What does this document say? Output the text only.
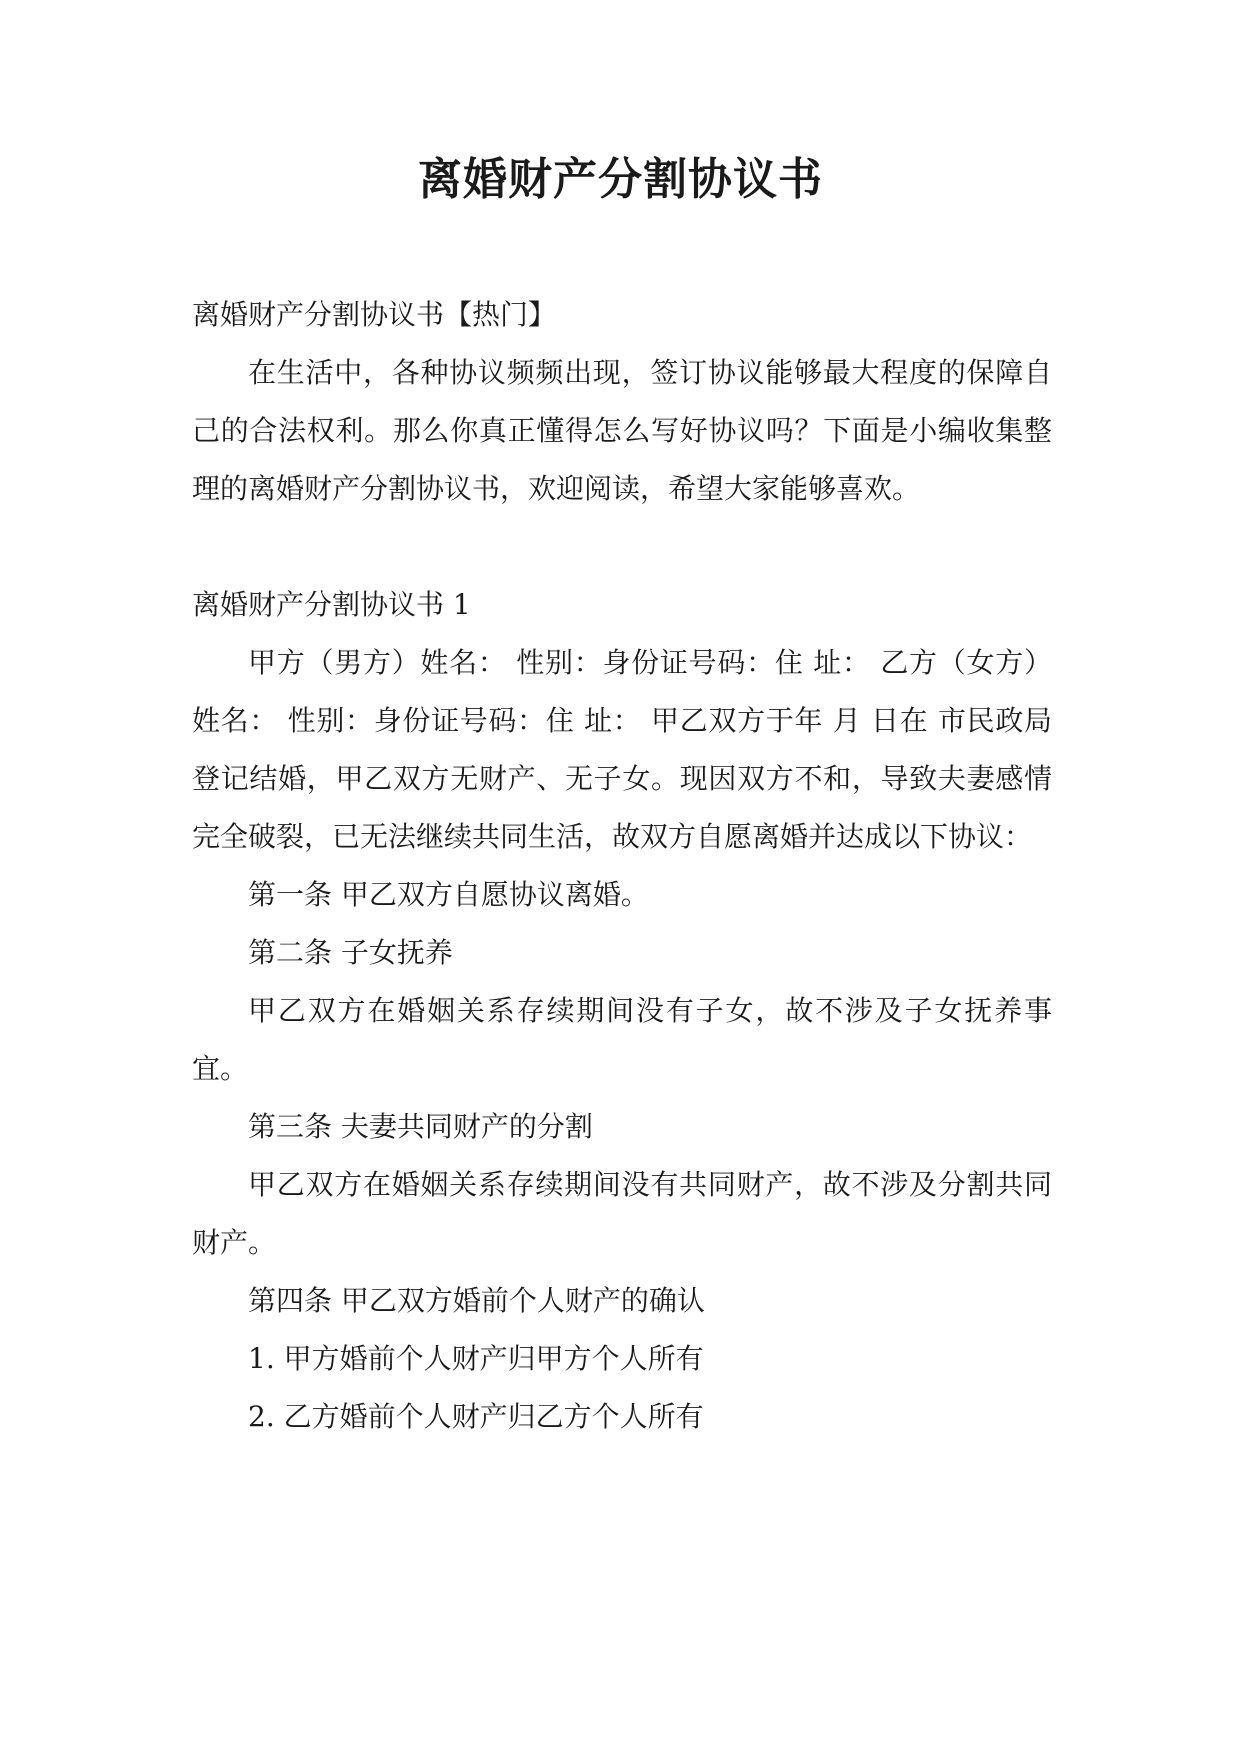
离婚财产分割协议书

离婚财产分割协议书【热门】

在生活中，各种协议频频出现，签订协议能够最大程度的保障自己的合法权利。那么你真正懂得怎么写好协议吗？下面是小编收集整理的离婚财产分割协议书，欢迎阅读，希望大家能够喜欢。

离婚财产分割协议书 1

甲方（男方）姓名： 性别：身份证号码：住 址： 乙方（女方）姓名： 性别：身份证号码：住 址： 甲乙双方于年 月 日在 市民政局登记结婚，甲乙双方无财产、无子女。现因双方不和，导致夫妻感情完全破裂，已无法继续共同生活，故双方自愿离婚并达成以下协议：

第一条 甲乙双方自愿协议离婚。

第二条 子女抚养

甲乙双方在婚姻关系存续期间没有子女，故不涉及子女抚养事宜。

第三条 夫妻共同财产的分割

甲乙双方在婚姻关系存续期间没有共同财产，故不涉及分割共同财产。

第四条 甲乙双方婚前个人财产的确认

1. 甲方婚前个人财产归甲方个人所有

2. 乙方婚前个人财产归乙方个人所有
